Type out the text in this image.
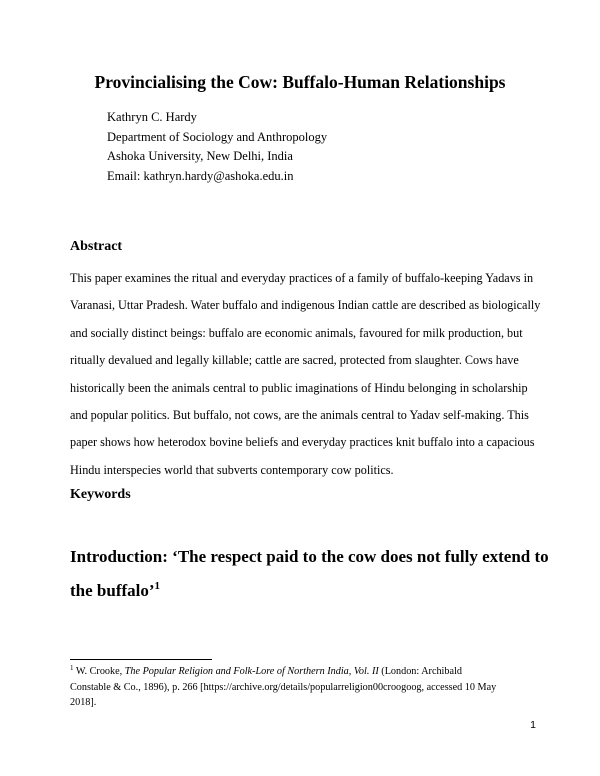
Provincialising the Cow: Buffalo-Human Relationships
Kathryn C. Hardy
Department of Sociology and Anthropology
Ashoka University, New Delhi, India
Email: kathryn.hardy@ashoka.edu.in
Abstract
This paper examines the ritual and everyday practices of a family of buffalo-keeping Yadavs in
Varanasi, Uttar Pradesh. Water buffalo and indigenous Indian cattle are described as biologically
and socially distinct beings: buffalo are economic animals, favoured for milk production, but
ritually devalued and legally killable; cattle are sacred, protected from slaughter. Cows have
historically been the animals central to public imaginations of Hindu belonging in scholarship
and popular politics. But buffalo, not cows, are the animals central to Yadav self-making. This
paper shows how heterodox bovine beliefs and everyday practices knit buffalo into a capacious
Hindu interspecies world that subverts contemporary cow politics.
Keywords
Introduction: ‘The respect paid to the cow does not fully extend to
the buffalo’$^1$
$^1$ W. Crooke, The Popular Religion and Folk-Lore of Northern India, Vol. II (London: Archibald
Constable & Co., 1896), p. 266 [https://archive.org/details/popularreligion00croogoog, accessed 10 May
2018].
1
